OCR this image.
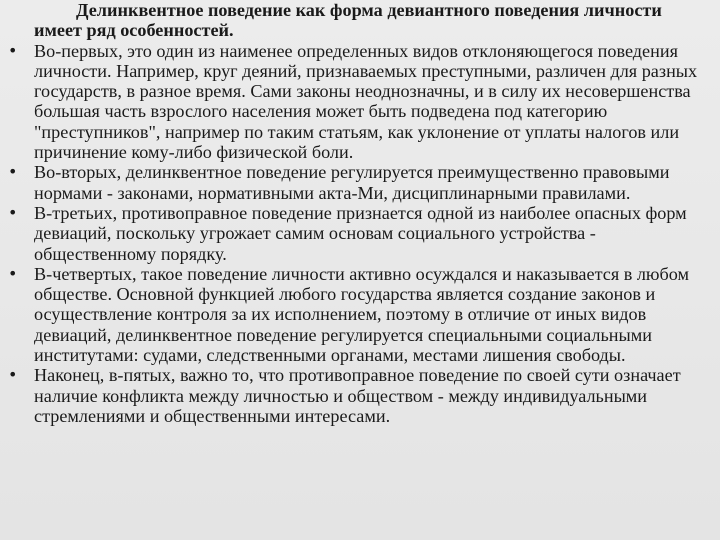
Делинквентное поведение как форма девиантного поведения личности имеет ряд особенностей.

• Во-первых, это один из наименее определенных видов отклоняющегося поведения личности. Например, круг деяний, признаваемых преступными, различен для разных государств, в разное время. Сами законы неоднозначны, и в силу их несовершенства большая часть взрослого населения может быть подведена под категорию "преступников", например по таким статьям, как уклонение от уплаты налогов или причинение кому-либо физической боли.
• Во-вторых, делинквентное поведение регулируется преимущественно правовыми нормами - законами, нормативными акта-Ми, дисциплинарными правилами.
• В-третьих, противоправное поведение признается одной из наиболее опасных форм девиаций, поскольку угрожает самим основам социального устройства - общественному порядку.
• В-четвертых, такое поведение личности активно осуждался и наказывается в любом обществе. Основной функцией любого государства является создание законов и осуществление контроля за их исполнением, поэтому в отличие от иных видов девиаций, делинквентное поведение регулируется специальными социальными институтами: судами, следственными органами, местами лишения свободы.
• Наконец, в-пятых, важно то, что противоправное поведение по своей сути означает наличие конфликта между личностью и обществом - между индивидуальными стремлениями и общественными интересами.
